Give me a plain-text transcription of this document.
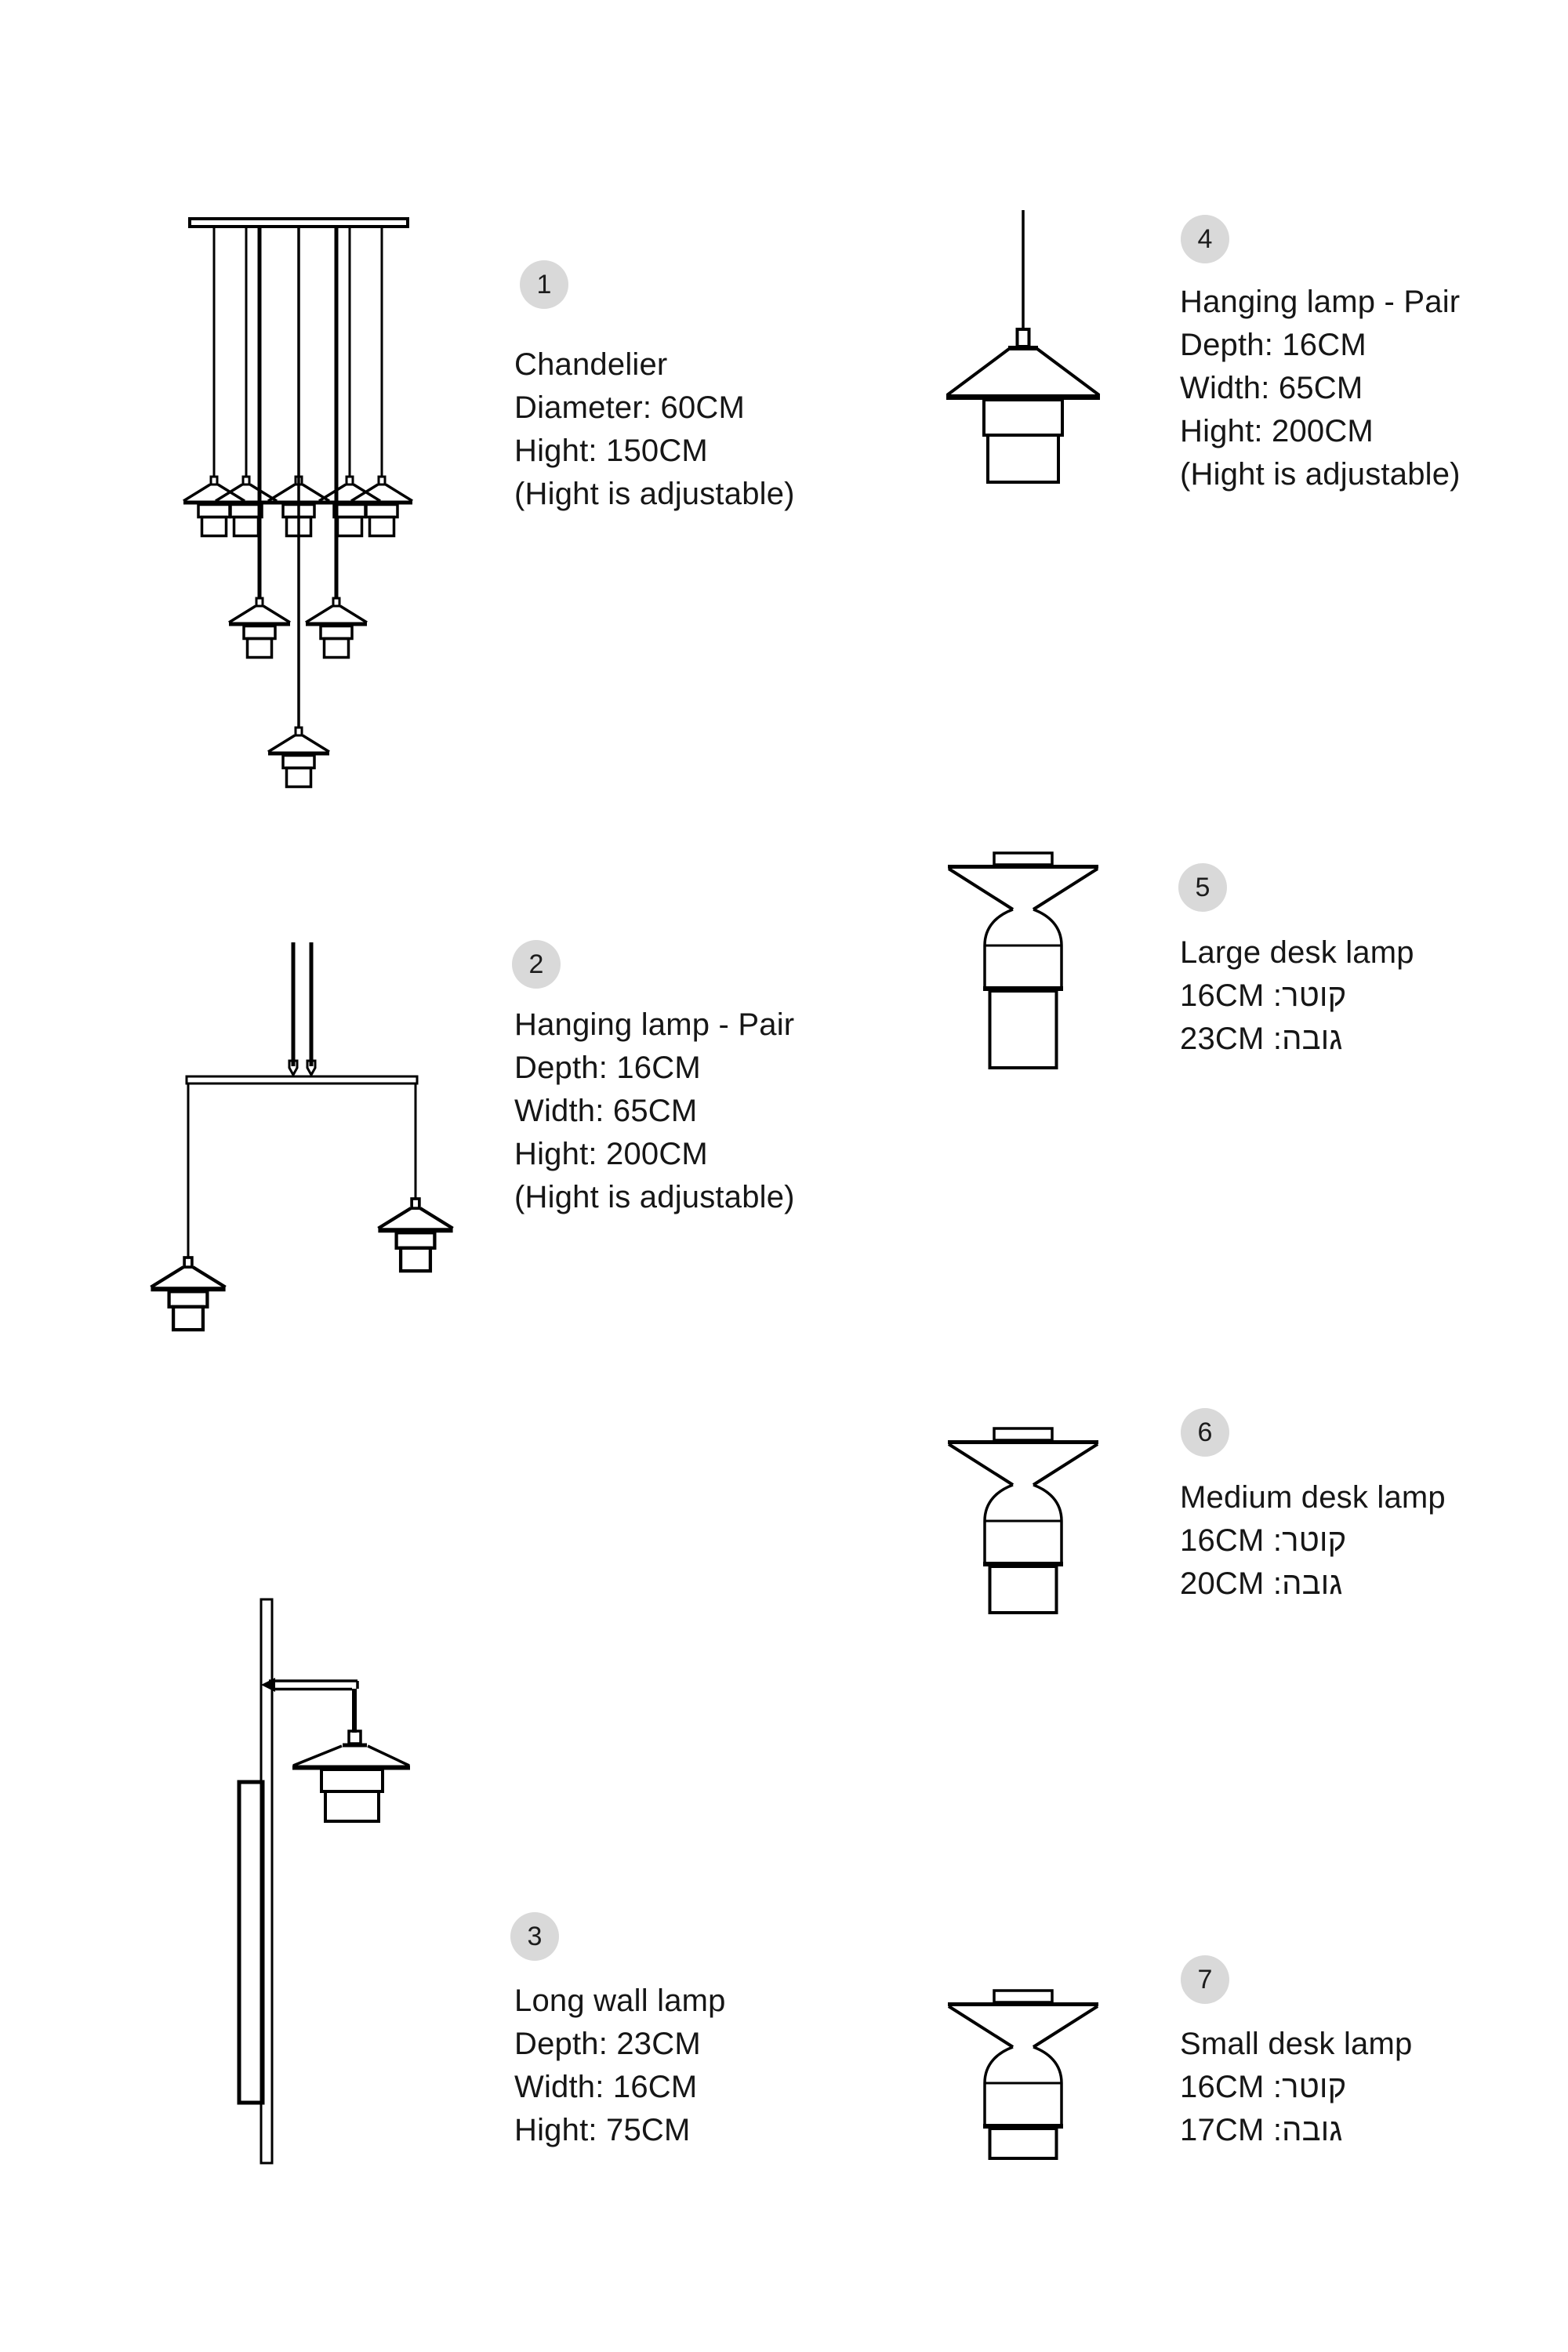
1
2
3
4
5
6
7
Chandelier
Diameter: 60CM
Hight: 150CM
(Hight is adjustable)
Hanging lamp - Pair
Depth: 16CM
Width: 65CM
Hight: 200CM
(Hight is adjustable)
Long wall lamp
Depth: 23CM
Width: 16CM
Hight: 75CM
Hanging lamp - Pair
Depth: 16CM
Width: 65CM
Hight: 200CM
(Hight is adjustable)
Large desk lamp
קוטר: 16CM
גובה: 23CM
Medium desk lamp
קוטר: 16CM
גובה: 20CM
Small desk lamp
קוטר: 16CM
גובה: 17CM
